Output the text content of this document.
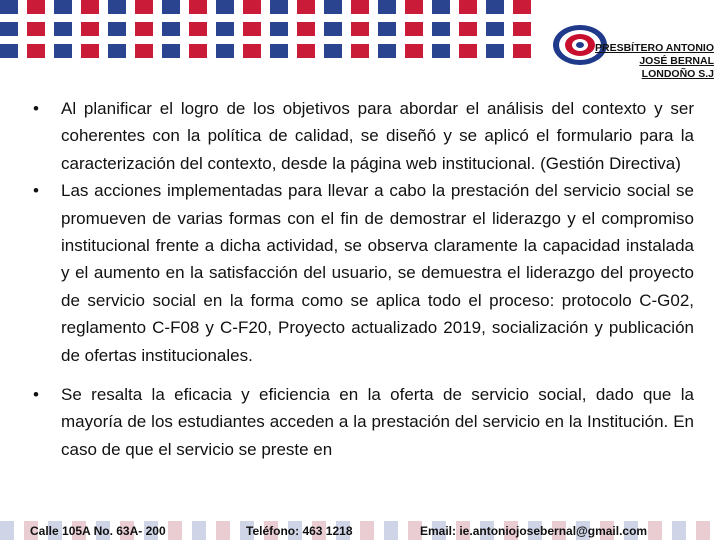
PRESBÍTERO ANTONIO
JOSÉ BERNAL
LONDOÑO S.J
• Al planificar el logro de los objetivos para abordar el análisis del contexto y ser coherentes con la política de calidad, se diseñó y se aplicó el formulario para la caracterización del contexto, desde la página web institucional. (Gestión Directiva)
• Las acciones implementadas para llevar a cabo la prestación del servicio social se promueven de varias formas con el fin de demostrar el liderazgo y el compromiso institucional frente a dicha actividad, se observa claramente la capacidad instalada y el aumento en la satisfacción del usuario, se demuestra el liderazgo del proyecto de servicio social en la forma como se aplica todo el proceso: protocolo C-G02, reglamento C-F08 y C-F20, Proyecto actualizado 2019, socialización y publicación de ofertas institucionales.
• Se resalta la eficacia y eficiencia en la oferta de servicio social, dado que la mayoría de los estudiantes acceden a la prestación del servicio en la Institución. En caso de que el servicio se preste en
Calle 105A No. 63A- 200	Teléfono: 463 1218	Email: ie.antoniojosebernal@gmail.com
